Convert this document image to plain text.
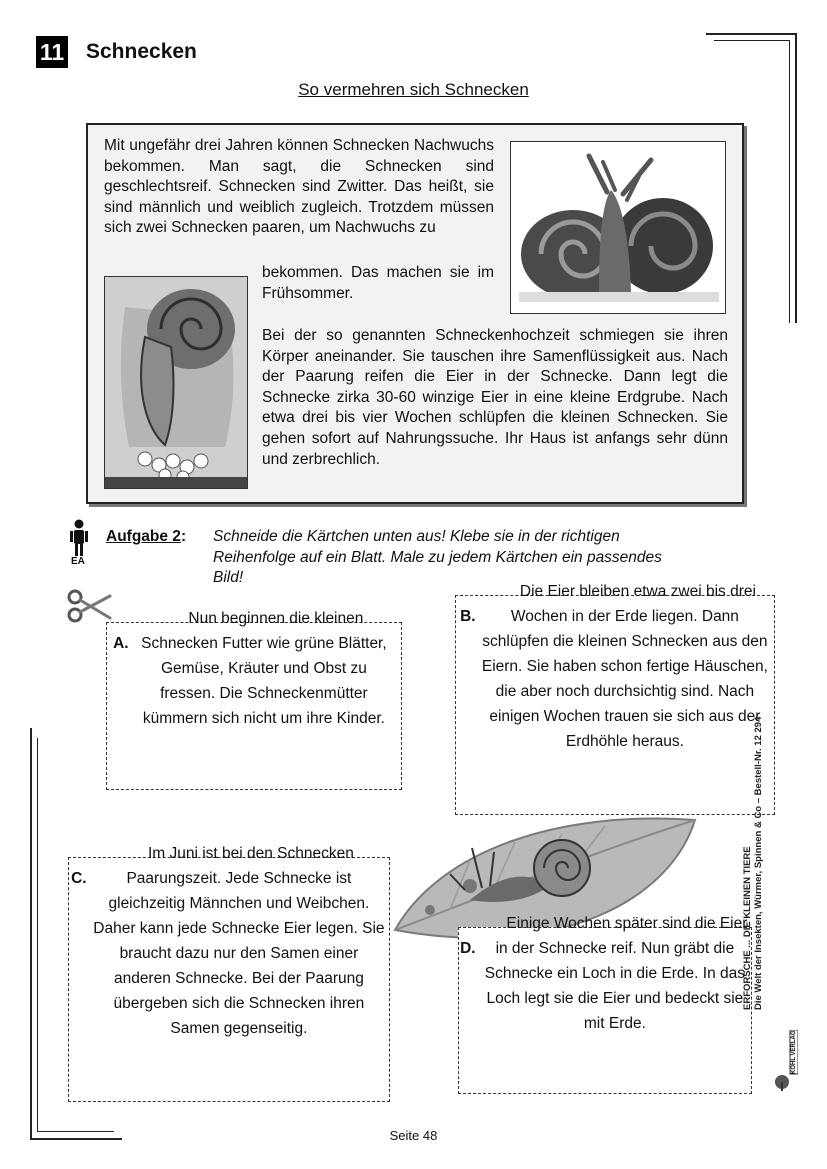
11 Schnecken
So vermehren sich Schnecken
Mit ungefähr drei Jahren können Schnecken Nachwuchs bekommen. Man sagt, die Schnecken sind geschlechtsreif. Schnecken sind Zwitter. Das heißt, sie sind männlich und weiblich zugleich. Trotzdem müssen sich zwei Schnecken paaren, um Nachwuchs zu
bekommen. Das machen sie im Frühsommer.
Bei der so genannten Schneckenhochzeit schmiegen sie ihren Körper aneinander. Sie tauschen ihre Samenflüssigkeit aus. Nach der Paarung reifen die Eier in der Schnecke. Dann legt die Schnecke zirka 30-60 winzige Eier in eine kleine Erdgrube. Nach etwa drei bis vier Wochen schlüpfen die kleinen Schnecken. Sie gehen sofort auf Nahrungssuche. Ihr Haus ist anfangs sehr dünn und zerbrechlich.
EA
Aufgabe 2: Schneide die Kärtchen unten aus! Klebe sie in der richtigen Reihenfolge auf ein Blatt. Male zu jedem Kärtchen ein passendes Bild!
A. Nun beginnen die kleinen Schnecken Futter wie grüne Blätter, Gemüse, Kräuter und Obst zu fressen. Die Schneckenmütter kümmern sich nicht um ihre Kinder.
B. Die Eier bleiben etwa zwei bis drei Wochen in der Erde liegen. Dann schlüpfen die kleinen Schnecken aus den Eiern. Sie haben schon fertige Häuschen, die aber noch durchsichtig sind. Nach einigen Wochen trauen sie sich aus der Erdhöhle heraus.
C. Im Juni ist bei den Schnecken Paarungszeit. Jede Schnecke ist gleichzeitig Männchen und Weibchen. Daher kann jede Schnecke Eier legen. Sie braucht dazu nur den Samen einer anderen Schnecke. Bei der Paarung übergeben sich die Schnecken ihren Samen gegenseitig.
D. Einige Wochen später sind die Eier in der Schnecke reif. Nun gräbt die Schnecke ein Loch in die Erde. In das Loch legt sie die Eier und bedeckt sie mit Erde.
ERFORSCHE ... DIE KLEINEN TIERE Die Welt der Insekten, Würmer, Spinnen & Co – Bestell-Nr. 12 294
KOHL VERLAG
Seite 48
